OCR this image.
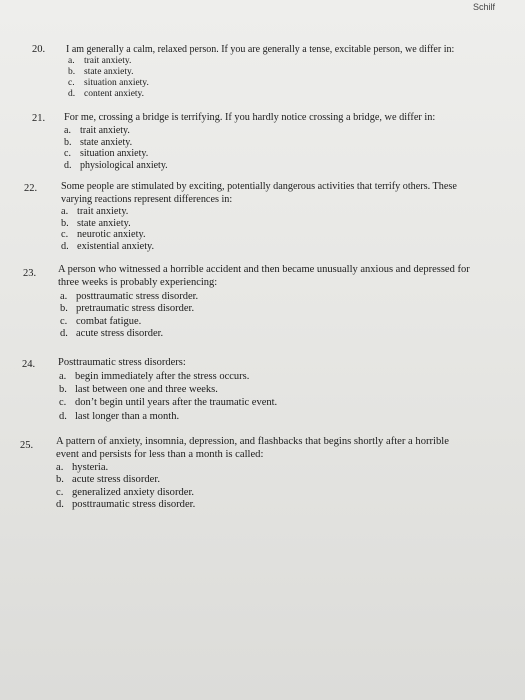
Schilf
20. I am generally a calm, relaxed person. If you are generally a tense, excitable person, we differ in:
a. trait anxiety.
b. state anxiety.
c. situation anxiety.
d. content anxiety.
21. For me, crossing a bridge is terrifying. If you hardly notice crossing a bridge, we differ in:
a. trait anxiety.
b. state anxiety.
c. situation anxiety.
d. physiological anxiety.
22. Some people are stimulated by exciting, potentially dangerous activities that terrify others. These
varying reactions represent differences in:
a. trait anxiety.
b. state anxiety.
c. neurotic anxiety.
d. existential anxiety.
23. A person who witnessed a horrible accident and then became unusually anxious and depressed for
three weeks is probably experiencing:
a. posttraumatic stress disorder.
b. pretraumatic stress disorder.
c. combat fatigue.
d. acute stress disorder.
24. Posttraumatic stress disorders:
a. begin immediately after the stress occurs.
b. last between one and three weeks.
c. don’t begin until years after the traumatic event.
d. last longer than a month.
25. A pattern of anxiety, insomnia, depression, and flashbacks that begins shortly after a horrible
event and persists for less than a month is called:
a. hysteria.
b. acute stress disorder.
c. generalized anxiety disorder.
d. posttraumatic stress disorder.
